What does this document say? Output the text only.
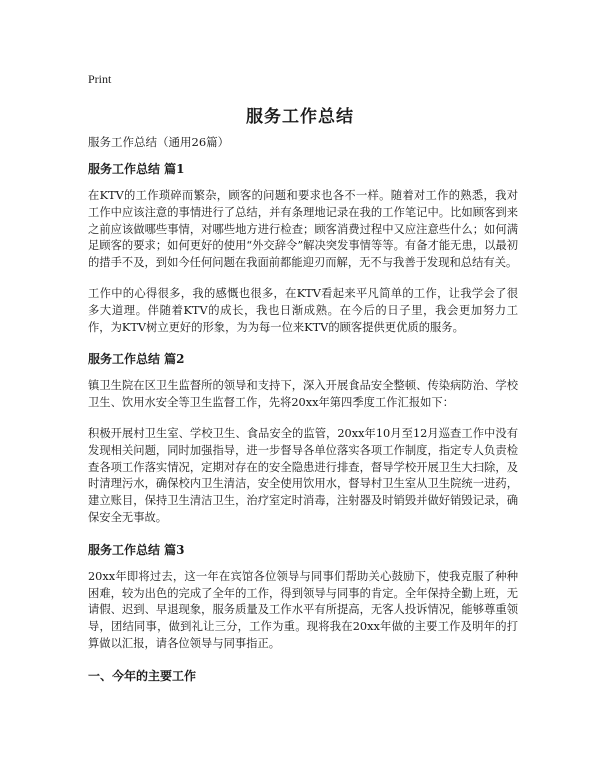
Print
服务工作总结
服务工作总结（通用26篇）
服务工作总结 篇1

在KTV的工作琐碎而繁杂，顾客的问题和要求也各不一样。随着对工作的熟悉，我对工作中应该注意的事情进行了总结，并有条理地记录在我的工作笔记中。比如顾客到来之前应该做哪些事情，对哪些地方进行检查；顾客消费过程中又应注意些什么；如何满足顾客的要求；如何更好的使用“外交辞令”解决突发事情等等。有备才能无患，以最初的措手不及，到如今任何问题在我面前都能迎刃而解，无不与我善于发现和总结有关。

工作中的心得很多，我的感慨也很多，在KTV看起来平凡简单的工作，让我学会了很多大道理。伴随着KTV的成长，我也日渐成熟。在今后的日子里，我会更加努力工作，为KTV树立更好的形象，为为每一位来KTV的顾客提供更优质的服务。

服务工作总结 篇2

镇卫生院在区卫生监督所的领导和支持下，深入开展食品安全整顿、传染病防治、学校卫生、饮用水安全等卫生监督工作，先将20xx年第四季度工作汇报如下：

积极开展村卫生室、学校卫生、食品安全的监管，20xx年10月至12月巡查工作中没有发现相关问题，同时加强指导，进一步督导各单位落实各项工作制度，指定专人负责检查各项工作落实情况，定期对存在的安全隐患进行排查，督导学校开展卫生大扫除，及时清理污水，确保校内卫生清洁，安全使用饮用水，督导村卫生室从卫生院统一进药，建立账目，保持卫生清洁卫生，治疗室定时消毒，注射器及时销毁并做好销毁记录，确保安全无事故。

服务工作总结 篇3

20xx年即将过去，这一年在宾馆各位领导与同事们帮助关心鼓励下，使我克服了种种困难，较为出色的完成了全年的工作，得到领导与同事的肯定。全年保持全勤上班，无请假、迟到、早退现象，服务质量及工作水平有所提高，无客人投诉情况，能够尊重领导，团结同事，做到礼让三分，工作为重。现将我在20xx年做的主要工作及明年的打算做以汇报，请各位领导与同事指正。

一、今年的主要工作
